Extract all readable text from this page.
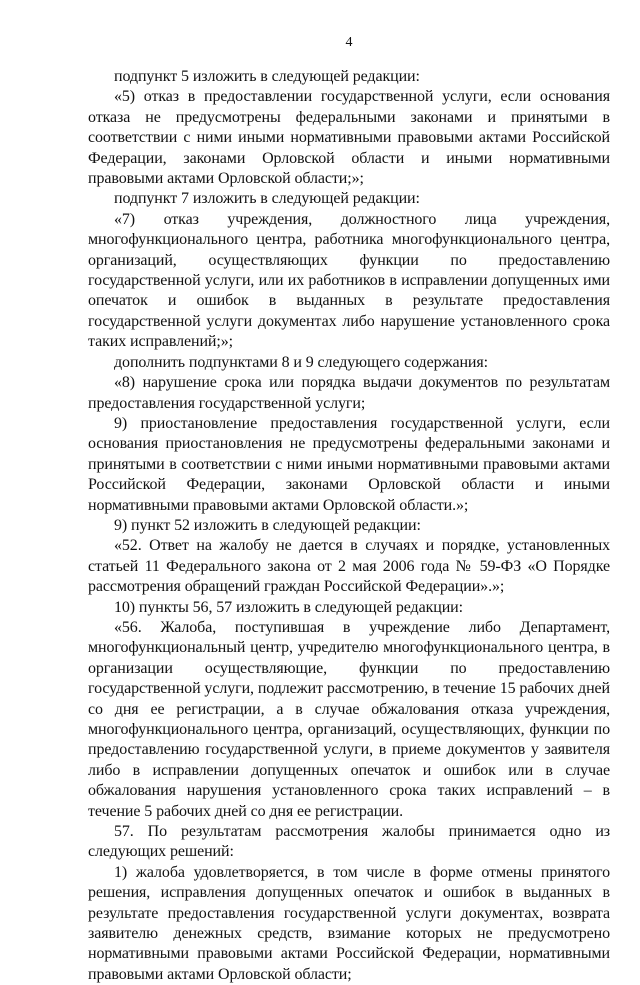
4

подпункт 5 изложить в следующей редакции:

«5) отказ в предоставлении государственной услуги, если основания отказа не предусмотрены федеральными законами и принятыми в соответствии с ними иными нормативными правовыми актами Российской Федерации, законами Орловской области и иными нормативными правовыми актами Орловской области;»;

подпункт 7 изложить в следующей редакции:

«7) отказ учреждения, должностного лица учреждения, многофункционального центра, работника многофункционального центра, организаций, осуществляющих функции по предоставлению государственной услуги, или их работников в исправлении допущенных ими опечаток и ошибок в выданных в результате предоставления государственной услуги документах либо нарушение установленного срока таких исправлений;»;

дополнить подпунктами 8 и 9 следующего содержания:

«8) нарушение срока или порядка выдачи документов по результатам предоставления государственной услуги;

9) приостановление предоставления государственной услуги, если основания приостановления не предусмотрены федеральными законами и принятыми в соответствии с ними иными нормативными правовыми актами Российской Федерации, законами Орловской области и иными нормативными правовыми актами Орловской области.»;

9) пункт 52 изложить в следующей редакции:

«52. Ответ на жалобу не дается в случаях и порядке, установленных статьей 11 Федерального закона от 2 мая 2006 года № 59-ФЗ «О Порядке рассмотрения обращений граждан Российской Федерации».»;

10) пункты 56, 57 изложить в следующей редакции:

«56. Жалоба, поступившая в учреждение либо Департамент, многофункциональный центр, учредителю многофункционального центра, в организации осуществляющие, функции по предоставлению государственной услуги, подлежит рассмотрению, в течение 15 рабочих дней со дня ее регистрации, а в случае обжалования отказа учреждения, многофункционального центра, организаций, осуществляющих, функции по предоставлению государственной услуги, в приеме документов у заявителя либо в исправлении допущенных опечаток и ошибок или в случае обжалования нарушения установленного срока таких исправлений – в течение 5 рабочих дней со дня ее регистрации.

57. По результатам рассмотрения жалобы принимается одно из следующих решений:

1) жалоба удовлетворяется, в том числе в форме отмены принятого решения, исправления допущенных опечаток и ошибок в выданных в результате предоставления государственной услуги документах, возврата заявителю денежных средств, взимание которых не предусмотрено нормативными правовыми актами Российской Федерации, нормативными правовыми актами Орловской области;
